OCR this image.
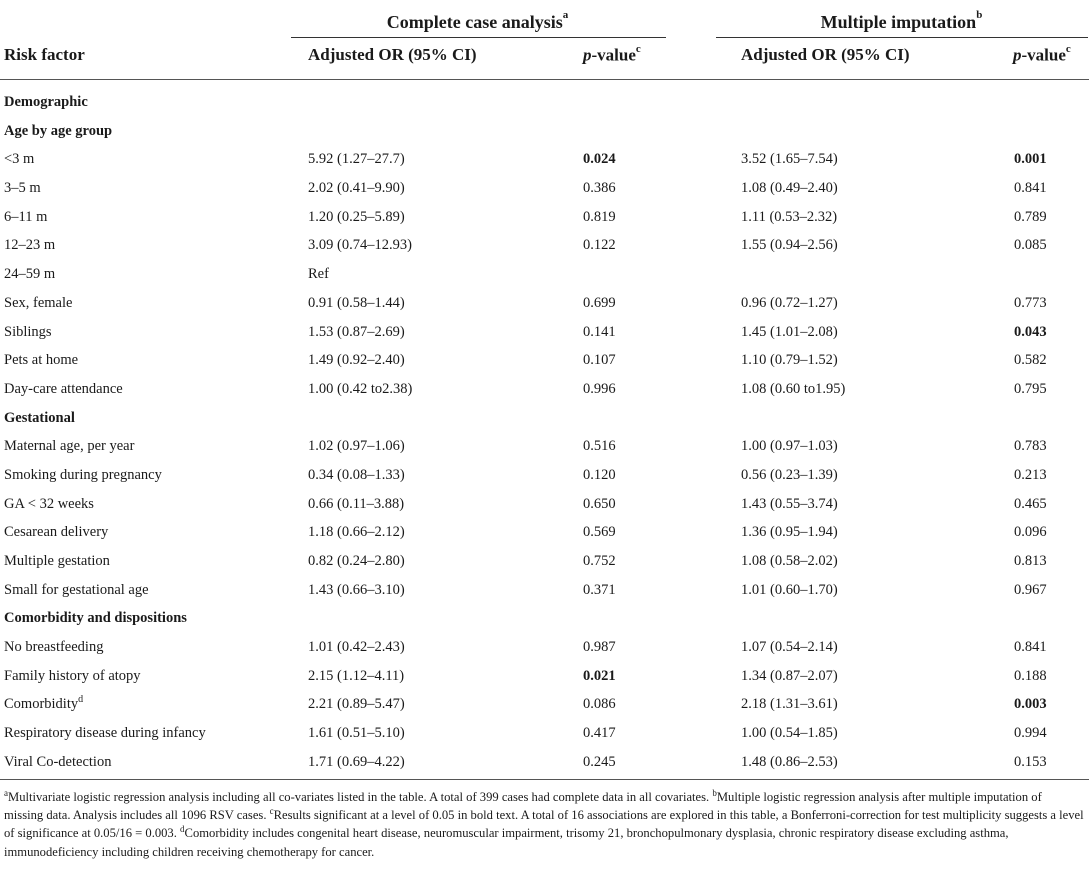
Complete case analysis$^a$	Multiple imputation$^b$
Risk factor	Adjusted OR (95% CI)	p-value$^c$	Adjusted OR (95% CI)	p-value$^c$
Demographic
Age by age group
<3 m	5.92 (1.27–27.7)	0.024	3.52 (1.65–7.54)	0.001
3–5 m	2.02 (0.41–9.90)	0.386	1.08 (0.49–2.40)	0.841
6–11 m	1.20 (0.25–5.89)	0.819	1.11 (0.53–2.32)	0.789
12–23 m	3.09 (0.74–12.93)	0.122	1.55 (0.94–2.56)	0.085
24–59 m	Ref
Sex, female	0.91 (0.58–1.44)	0.699	0.96 (0.72–1.27)	0.773
Siblings	1.53 (0.87–2.69)	0.141	1.45 (1.01–2.08)	0.043
Pets at home	1.49 (0.92–2.40)	0.107	1.10 (0.79–1.52)	0.582
Day-care attendance	1.00 (0.42 to2.38)	0.996	1.08 (0.60 to1.95)	0.795
Gestational
Maternal age, per year	1.02 (0.97–1.06)	0.516	1.00 (0.97–1.03)	0.783
Smoking during pregnancy	0.34 (0.08–1.33)	0.120	0.56 (0.23–1.39)	0.213
GA < 32 weeks	0.66 (0.11–3.88)	0.650	1.43 (0.55–3.74)	0.465
Cesarean delivery	1.18 (0.66–2.12)	0.569	1.36 (0.95–1.94)	0.096
Multiple gestation	0.82 (0.24–2.80)	0.752	1.08 (0.58–2.02)	0.813
Small for gestational age	1.43 (0.66–3.10)	0.371	1.01 (0.60–1.70)	0.967
Comorbidity and dispositions
No breastfeeding	1.01 (0.42–2.43)	0.987	1.07 (0.54–2.14)	0.841
Family history of atopy	2.15 (1.12–4.11)	0.021	1.34 (0.87–2.07)	0.188
Comorbidity$^d$	2.21 (0.89–5.47)	0.086	2.18 (1.31–3.61)	0.003
Respiratory disease during infancy	1.61 (0.51–5.10)	0.417	1.00 (0.54–1.85)	0.994
Viral Co-detection	1.71 (0.69–4.22)	0.245	1.48 (0.86–2.53)	0.153
$^a$Multivariate logistic regression analysis including all co-variates listed in the table. A total of 399 cases had complete data in all covariates. $^b$Multiple logistic regression analysis after multiple imputation of missing data. Analysis includes all 1096 RSV cases. $^c$Results significant at a level of 0.05 in bold text. A total of 16 associations are explored in this table, a Bonferroni-correction for test multiplicity suggests a level of significance at 0.05/16 = 0.003. $^d$Comorbidity includes congenital heart disease, neuromuscular impairment, trisomy 21, bronchopulmonary dysplasia, chronic respiratory disease excluding asthma, immunodeficiency including children receiving chemotherapy for cancer.
